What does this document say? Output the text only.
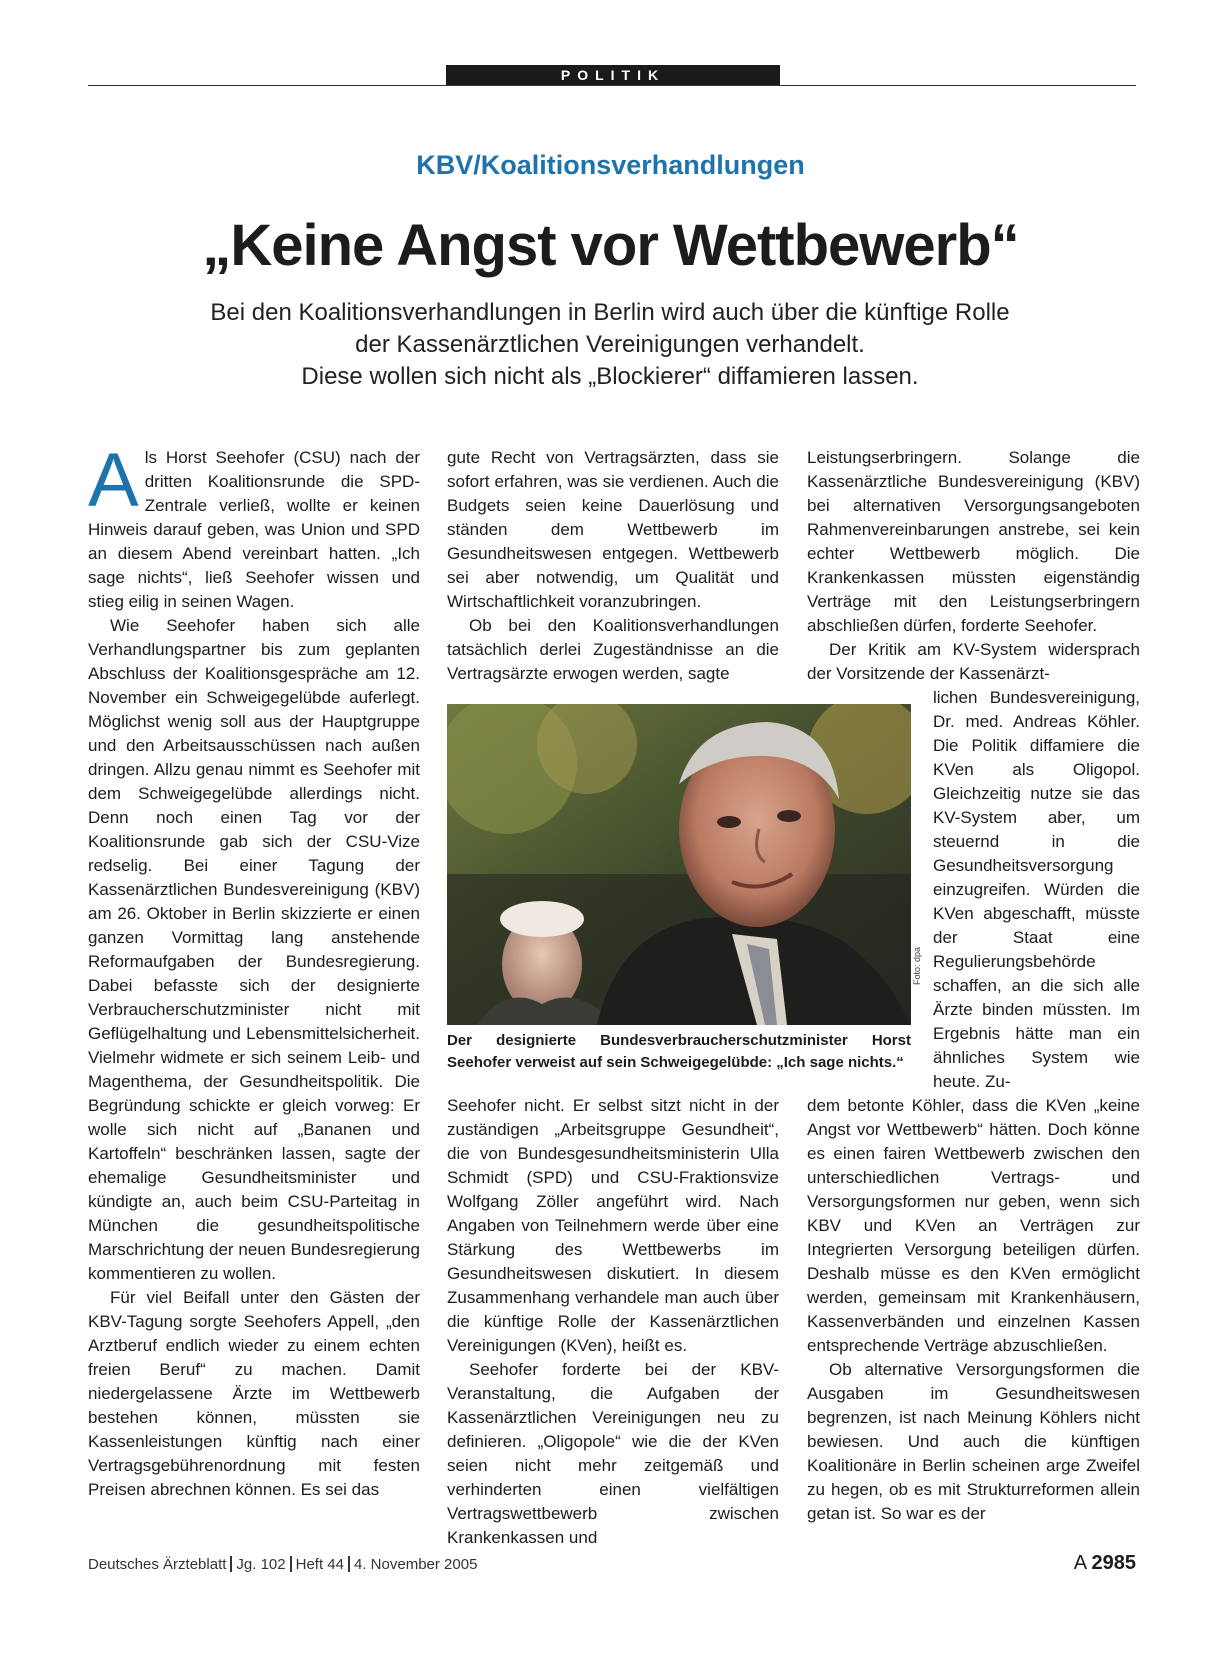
POLITIK
KBV/Koalitionsverhandlungen
„Keine Angst vor Wettbewerb“
Bei den Koalitionsverhandlungen in Berlin wird auch über die künftige Rolle
der Kassenärztlichen Vereinigungen verhandelt.
Diese wollen sich nicht als „Blockierer“ diffamieren lassen.

Als Horst Seehofer (CSU) nach der dritten Koalitionsrunde die SPD-Zentrale verließ, wollte er keinen Hinweis darauf geben, was Union und SPD an diesem Abend vereinbart hatten. „Ich sage nichts“, ließ Seehofer wissen und stieg eilig in seinen Wagen.

Wie Seehofer haben sich alle Verhandlungspartner bis zum geplanten Abschluss der Koalitionsgespräche am 12. November ein Schweigegelübde auferlegt. Möglichst wenig soll aus der Hauptgruppe und den Arbeitsausschüssen nach außen dringen. Allzu genau nimmt es Seehofer mit dem Schweigegelübde allerdings nicht. Denn noch einen Tag vor der Koalitionsrunde gab sich der CSU-Vize redselig. Bei einer Tagung der Kassenärztlichen Bundesvereinigung (KBV) am 26. Oktober in Berlin skizzierte er einen ganzen Vormittag lang anstehende Reformaufgaben der Bundesregierung. Dabei befasste sich der designierte Verbraucherschutzminister nicht mit Geflügelhaltung und Lebensmittelsicherheit. Vielmehr widmete er sich seinem Leib- und Magenthema, der Gesundheitspolitik. Die Begründung schickte er gleich vorweg: Er wolle sich nicht auf „Bananen und Kartoffeln“ beschränken lassen, sagte der ehemalige Gesundheitsminister und kündigte an, auch beim CSU-Parteitag in München die gesundheitspolitische Marschrichtung der neuen Bundesregierung kommentieren zu wollen.

Für viel Beifall unter den Gästen der KBV-Tagung sorgte Seehofers Appell, „den Arztberuf endlich wieder zu einem echten freien Beruf“ zu machen. Damit niedergelassene Ärzte im Wettbewerb bestehen können, müssten sie Kassenleistungen künftig nach einer Vertragsgebührenordnung mit festen Preisen abrechnen können. Es sei das

gute Recht von Vertragsärzten, dass sie sofort erfahren, was sie verdienen. Auch die Budgets seien keine Dauerlösung und ständen dem Wettbewerb im Gesundheitswesen entgegen. Wettbewerb sei aber notwendig, um Qualität und Wirtschaftlichkeit voranzubringen.

Ob bei den Koalitionsverhandlungen tatsächlich derlei Zugeständnisse an die Vertragsärzte erwogen werden, sagte

Foto: dpa
Der designierte Bundesverbraucherschutzminister Horst Seehofer verweist auf sein Schweigegelübde: „Ich sage nichts.“

Seehofer nicht. Er selbst sitzt nicht in der zuständigen „Arbeitsgruppe Gesundheit“, die von Bundesgesundheitsministerin Ulla Schmidt (SPD) und CSU-Fraktionsvize Wolfgang Zöller angeführt wird. Nach Angaben von Teilnehmern werde über eine Stärkung des Wettbewerbs im Gesundheitswesen diskutiert. In diesem Zusammenhang verhandele man auch über die künftige Rolle der Kassenärztlichen Vereinigungen (KVen), heißt es.

Seehofer forderte bei der KBV-Veranstaltung, die Aufgaben der Kassenärztlichen Vereinigungen neu zu definieren. „Oligopole“ wie die der KVen seien nicht mehr zeitgemäß und verhinderten einen vielfältigen Vertragswettbewerb zwischen Krankenkassen und

Leistungserbringern. Solange die Kassenärztliche Bundesvereinigung (KBV) bei alternativen Versorgungsangeboten Rahmenvereinbarungen anstrebe, sei kein echter Wettbewerb möglich. Die Krankenkassen müssten eigenständig Verträge mit den Leistungserbringern abschließen dürfen, forderte Seehofer.

Der Kritik am KV-System widersprach der Vorsitzende der Kassenärzt-

lichen Bundesvereinigung, Dr. med. Andreas Köhler. Die Politik diffamiere die KVen als Oligopol. Gleichzeitig nutze sie das KV-System aber, um steuernd in die Gesundheitsversorgung einzugreifen. Würden die KVen abgeschafft, müsste der Staat eine Regulierungsbehörde schaffen, an die sich alle Ärzte binden müssten. Im Ergebnis hätte man ein ähnliches System wie heute. Zu-

dem betonte Köhler, dass die KVen „keine Angst vor Wettbewerb“ hätten. Doch könne es einen fairen Wettbewerb zwischen den unterschiedlichen Vertrags- und Versorgungsformen nur geben, wenn sich KBV und KVen an Verträgen zur Integrierten Versorgung beteiligen dürfen. Deshalb müsse es den KVen ermöglicht werden, gemeinsam mit Krankenhäusern, Kassenverbänden und einzelnen Kassen entsprechende Verträge abzuschließen.

Ob alternative Versorgungsformen die Ausgaben im Gesundheitswesen begrenzen, ist nach Meinung Köhlers nicht bewiesen. Und auch die künftigen Koalitionäre in Berlin scheinen arge Zweifel zu hegen, ob es mit Strukturreformen allein getan ist. So war es der

Deutsches Ärzteblatt Jg. 102 Heft 44 4. November 2005	A 2985
